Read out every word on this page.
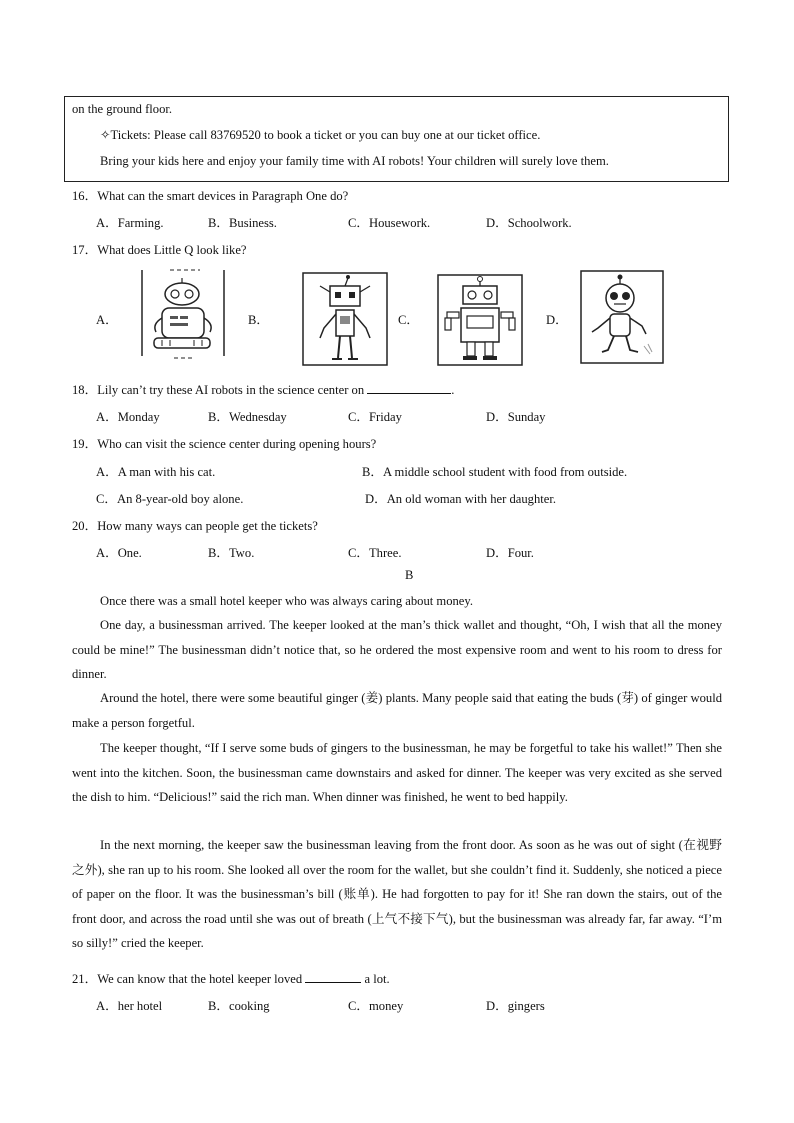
on the ground floor.
✧Tickets: Please call 83769520 to book a ticket or you can buy one at our ticket office.
Bring your kids here and enjoy your family time with AI robots! Your children will surely love them.
16．What can the smart devices in Paragraph One do?
A．Farming.	B．Business.	C．Housework.	D．Schoolwork.
17．What does Little Q look like?
A．	B．	C．	D．
18．Lily can’t try these AI robots in the science center on	.
A．Monday	B．Wednesday	C．Friday	D．Sunday
19．Who can visit the science center during opening hours?
A．A man with his cat.	B．A middle school student with food from outside.
C．An 8-year-old boy alone.	D．An old woman with her daughter.
20．How many ways can people get the tickets?
A．One.	B．Two.	C．Three.	D．Four.
B
Once there was a small hotel keeper who was always caring about money.
One day, a businessman arrived. The keeper looked at the man’s thick wallet and thought, “Oh, I wish that all the money could be mine!” The businessman didn’t notice that, so he ordered the most expensive room and went to his room to dress for dinner.
Around the hotel, there were some beautiful ginger (姜) plants. Many people said that eating the buds (芽) of ginger would make a person forgetful.
The keeper thought, “If I serve some buds of gingers to the businessman, he may be forgetful to take his wallet!” Then she went into the kitchen. Soon, the businessman came downstairs and asked for dinner. The keeper was very excited as she served the dish to him. “Delicious!” said the rich man. When dinner was finished, he went to bed happily.
In the next morning, the keeper saw the businessman leaving from the front door. As soon as he was out of sight (在视野之外), she ran up to his room. She looked all over the room for the wallet, but she couldn’t find it. Suddenly, she noticed a piece of paper on the floor. It was the businessman’s bill (账单). He had forgotten to pay for it! She ran down the stairs, out of the front door, and across the road until she was out of breath (上气不接下气), but the businessman was already far, far away. “I’m so silly!” cried the keeper.
21．We can know that the hotel keeper loved	a lot.
A．her hotel	B．cooking	C．money	D．gingers
